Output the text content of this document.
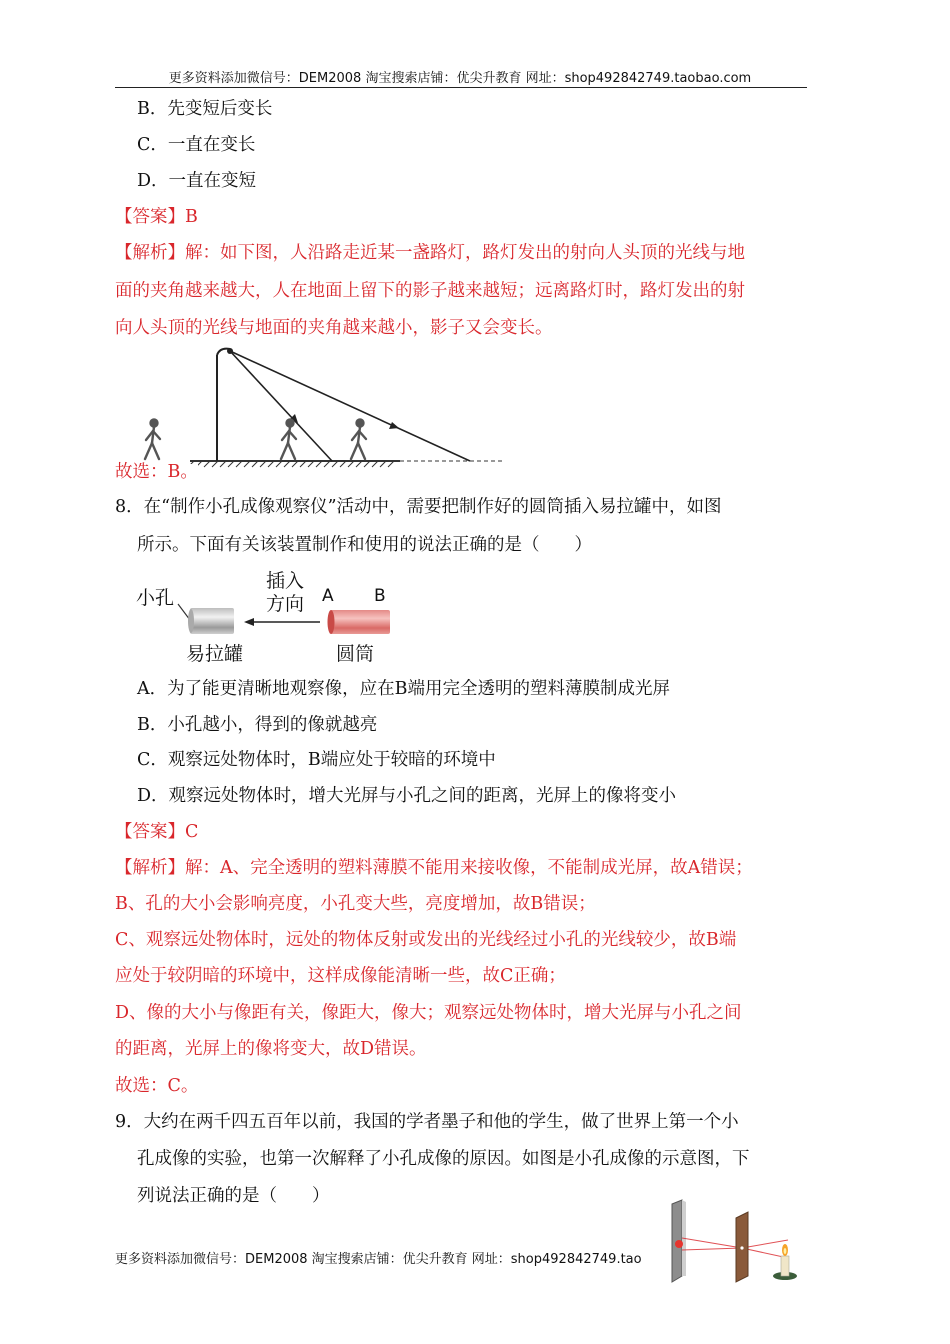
更多资料添加微信号：DEM2008 淘宝搜索店铺：优尖升教育 网址：shop492842749.taobao.com
B．先变短后变长
C．一直在变长
D．一直在变短
【答案】B
【解析】解：如下图，人沿路走近某一盏路灯，路灯发出的射向人头顶的光线与地
面的夹角越来越大，人在地面上留下的影子越来越短；远离路灯时，路灯发出的射
向人头顶的光线与地面的夹角越来越小，影子又会变长。
故选：B。
8．在“制作小孔成像观察仪”活动中，需要把制作好的圆筒插入易拉罐中，如图
所示。下面有关该装置制作和使用的说法正确的是（　　）
小孔
插入
方向 A B
易拉罐	圆筒
A．为了能更清晰地观察像，应在B端用完全透明的塑料薄膜制成光屏
B．小孔越小，得到的像就越亮
C．观察远处物体时，B端应处于较暗的环境中
D．观察远处物体时，增大光屏与小孔之间的距离，光屏上的像将变小
【答案】C
【解析】解：A、完全透明的塑料薄膜不能用来接收像，不能制成光屏，故A错误；
B、孔的大小会影响亮度，小孔变大些，亮度增加，故B错误；
C、观察远处物体时，远处的物体反射或发出的光线经过小孔的光线较少，故B端
应处于较阴暗的环境中，这样成像能清晰一些，故C正确；
D、像的大小与像距有关，像距大，像大；观察远处物体时，增大光屏与小孔之间
的距离，光屏上的像将变大，故D错误。
故选：C。
9．大约在两千四五百年以前，我国的学者墨子和他的学生，做了世界上第一个小
孔成像的实验，也第一次解释了小孔成像的原因。如图是小孔成像的示意图，下
列说法正确的是（　　）
更多资料添加微信号：DEM2008 淘宝搜索店铺：优尖升教育 网址：shop492842749.tao
